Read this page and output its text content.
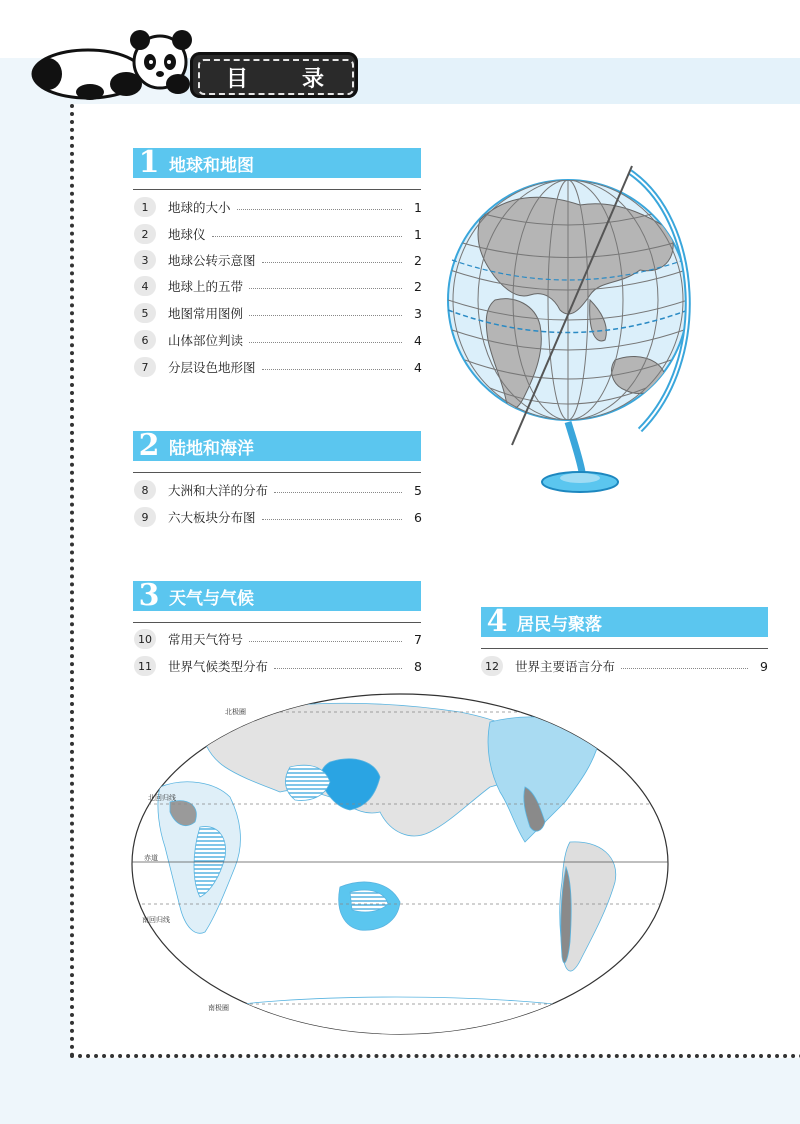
目 录
1 地球和地图
1	地球的大小	1
2	地球仪	1
3	地球公转示意图	2
4	地球上的五带	2
5	地图常用图例	3
6	山体部位判读	4
7	分层设色地形图	4
2 陆地和海洋
8	大洲和大洋的分布	5
9	六大板块分布图	6
3 天气与气候
10	常用天气符号	7
11	世界气候类型分布	8
4 居民与聚落
12	世界主要语言分布	9
北极圈
北回归线
赤道
南回归线
南极圈
